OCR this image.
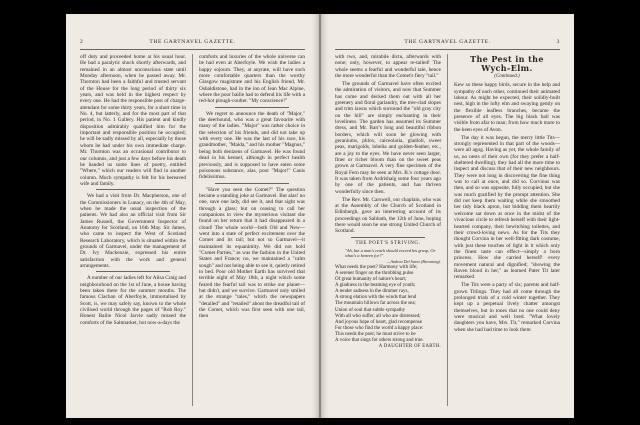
2	THE GARTNAVEL GAZETTE.

off duty and proceeded home at his usual hour. He had a paralytic shock shortly afterwards, and remained in an almost unconscious state until Monday afternoon, when he passed away. Mr. Thornton had been a faithful and trusted servant of the House for the long period of thirty six years, and was held in the highest respect by every one. He had the responsible post of charge-attendant for some thirty years, for a short time in No. 4, but latterly, and for the most part of that period, in No. 1 Gallery. His patient and kindly disposition admirably qualified him for the important and responsible position he occupied; he will be sadly missed by all, especially by those whom he had under his own immediate charge. Mr. Thornton was an occasional contributor to our columns, and just a few days before his death he handed us some lines of poetry, entitled "Where," which our readers will find in another column. Much sympathy is felt for his bereaved wife and family.

We had a visit from Dr. Macpherson, one of the Commissioners in Lunacy, on the 4th of May, when he made the usual inspection of the patients. We had also an official visit from Sir James Russell, the Government Inspector of Anatomy for Scotland, on 16th May. Sir James, who came to inspect the West of Scotland Research Laboratory, which is situated within the grounds of Gartnavel, under the management of Dr. Ivy Mackenzie, expressed his entire satisfaction with the work and general arrangements.

A number of our ladies left for Ailsa Craig and neighbourhood on the 1st of June, a house having been taken there for the summer months. The famous Clachan of Aberfoyle, immortalised by Scott, is, we may safely say, known to the whole civilised world through the pages of "Rob Roy." Honest Bailie Nicol Jarvie sadly missed the comforts of the Saltmarket, but now-a-days the

comforts and luxuries of the whole universe can be had even at Aberfoyle. We wish the ladies a happy sojourn. They, at anyrate, will have such more comfortable quarters than the worthy Glasgow magistrate and his English friend, Mr. Osbaldistone, had in the inn of Jean Mac Alpine, where the poor bailie had to defend his life with a red-hot plough-coulter. "My conscience!"

We regret to announce the death of "Major," the deerhound, who was a great favourite with many of the ladies. "Major" was rather choice in the selection of his friends, and did not take up with every one. He was the last of his race, his grandmother, "Maida," and his mother "Magnus," being both denizens of Gartnavel. He was found dead in his kennel, although in perfect health previously, and is supposed to have eaten some poisonous substance, alas, poor "Major!" Canis fidelissimus.

"Have you seen the Comet?" The question became a standing joke at Gartnavel. But alas! no one, save one lady, did see it, and that sight was through a glass; but on ceasing to call her companions to view the mysterious visitant she found on her return that it had disappeared in a cloud! The whole world—both Old and New—went into a state of perfect excitement over the Comet and its tail; but not so Gartnavel—it maintained its equanimity. We did not hold "Comet Parties," as was the fashion in the United States and France; no, we maintained a "calm sough" and not being able to see it, quietly retired to bed. Poor old Mother Earth has survived that terrible night of May 18th, a night which some feared the fearful tail was to strike our planet—but didn't, and we survive. Gartnavel only smiled at the strange "tales," which the newspapers "detailed" and "retailed" about the dreadful tail of the Comet, which was first seen with one tail, then

THE GARTNAVEL GAZETTE.	3

with two, and, mirabile dictu, afterwards with none; only, however, to appear re-tailed! The whole seems a fearful and wonderful tale, hence the more wonderful than the Comet's fiery "tail."

The grounds of Gartnavel have often excited the admiration of visitors, and now that Summer has come and decked them out with all her greenery and floral garlandry, the tree-clad slopes and trim lawns which surround the "old gray city on the hill" are simply enchanting in their loveliness. The garden has assumed its Summer dress, and Mr. Barr's long and beautiful ribbon borders, which will soon be glowing with geraniums, phlox, calceolaria, gladioli, sweet peas, marigolds, lobelia and golden-feather, etc., are a joy to the eyes. We have never seen larger, finer or richer bloom than on the sweet peas grown at Gartnavel. A very fine specimen of the Royal Fern may be seen at Mrs. B.'s cottage door. It was taken from Ardrishaig some four years ago by one of the patients, and has thriven wonderfully since then.

The Rev. Mr. Carswell, our chaplain, who was at the Assembly of the Church of Scotland in Edinburgh, gave an interesting account of its proceedings on Sabbath, the 12th of June, hoping there would soon be one strong United Church of Scotland.

THE POET'S STRIVING.
"Ah, but a man's reach should exceed his grasp, Or what's a heaven for?"
—Andrea Del Sarto (Browning).
What needs the poet? Harmony with life;
A serener finger on the throbbing pulse
Of great humanity of nature's heart;
A gladness in the beaming eye of youth;
A tender sadness in the dimmer rays,
A strong elation with the winds that lend
The mountain billows far across the sea;
Union of soul that subtle sympathy
With all who suffer, all who are distressed;
And joyous hope of heart, glad recompense
For those who find the world a happy place:
This needs the poet; he must strive to be
A voice that sings for others strong and true.
A DAUGHTER OF EARTH.
The Pest in the Wych-Elm.
(Continued.)

Kew so these happy birds, secure in the help and sympathy of each other, continued their animated labour. As might be expected, their solidly-built nest, high in the lofty elm and swaying gently on the flexible leafless branches, became the presence of all eyes. The big black ball was visible from afar to man; from how much more to the keen eyes of Avon.

The day it was begun, the merry little Tits—strongly represented in that part of the woods—were all agog. Having as yet, the whole family of us, no nests of their own (for they prefer a half-sheltered dwelling), they had all the more time to inspect and discuss that of their new neighbours. They were not long in discovering the fine thing was to call at once, and did so. Corvinus was then, and so was opposite, fully occupied, but she was much gratified by the prompt attention. She did not keep them waiting while she smoothed her tidy black apron, but bidding them heartily welcome sat down at once in the midst of the vivacious circle to refresh herself with their light-hearted company, their bewitching toilettes, and their crowd-loving news. As for the Tits they thought Corvina in her well-fitting dark costume, with just these touches of light in it which only the finest taste can effect—simply a born princess. How she carried herself! every movement natural and dignified; "showing the Raven blood in her," as learned Pater Tit later remarked.

The Tits were a party of six; parents and half-grown Titlings. They had all come through the prolonged trials of a cold winter together. They kept up a perpetual lively chatter amongst themselves, but in tones that no one could deny were musical and well bred. "What lovely daughters you have, Mrs. Tit," remarked Corvina when she had had time to look them
